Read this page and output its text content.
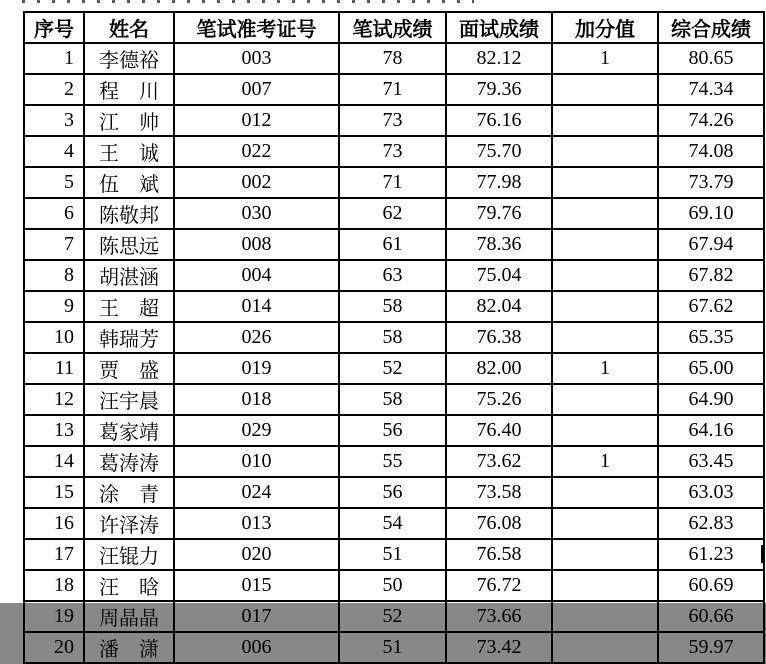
序号	姓名	笔试准考证号	笔试成绩	面试成绩	加分值	综合成绩
1	李德裕	003	78	82.12	1	80.65
2	程　川	007	71	79.36		74.34
3	江　帅	012	73	76.16		74.26
4	王　诚	022	73	75.70		74.08
5	伍　斌	002	71	77.98		73.79
6	陈敬邦	030	62	79.76		69.10
7	陈思远	008	61	78.36		67.94
8	胡湛涵	004	63	75.04		67.82
9	王　超	014	58	82.04		67.62
10	韩瑞芳	026	58	76.38		65.35
11	贾　盛	019	52	82.00	1	65.00
12	汪宇晨	018	58	75.26		64.90
13	葛家靖	029	56	76.40		64.16
14	葛涛涛	010	55	73.62	1	63.45
15	涂　青	024	56	73.58		63.03
16	许泽涛	013	54	76.08		62.83
17	汪锟力	020	51	76.58		61.23
18	汪　晗	015	50	76.72		60.69
19	周晶晶	017	52	73.66		60.66
20	潘　潇	006	51	73.42		59.97
